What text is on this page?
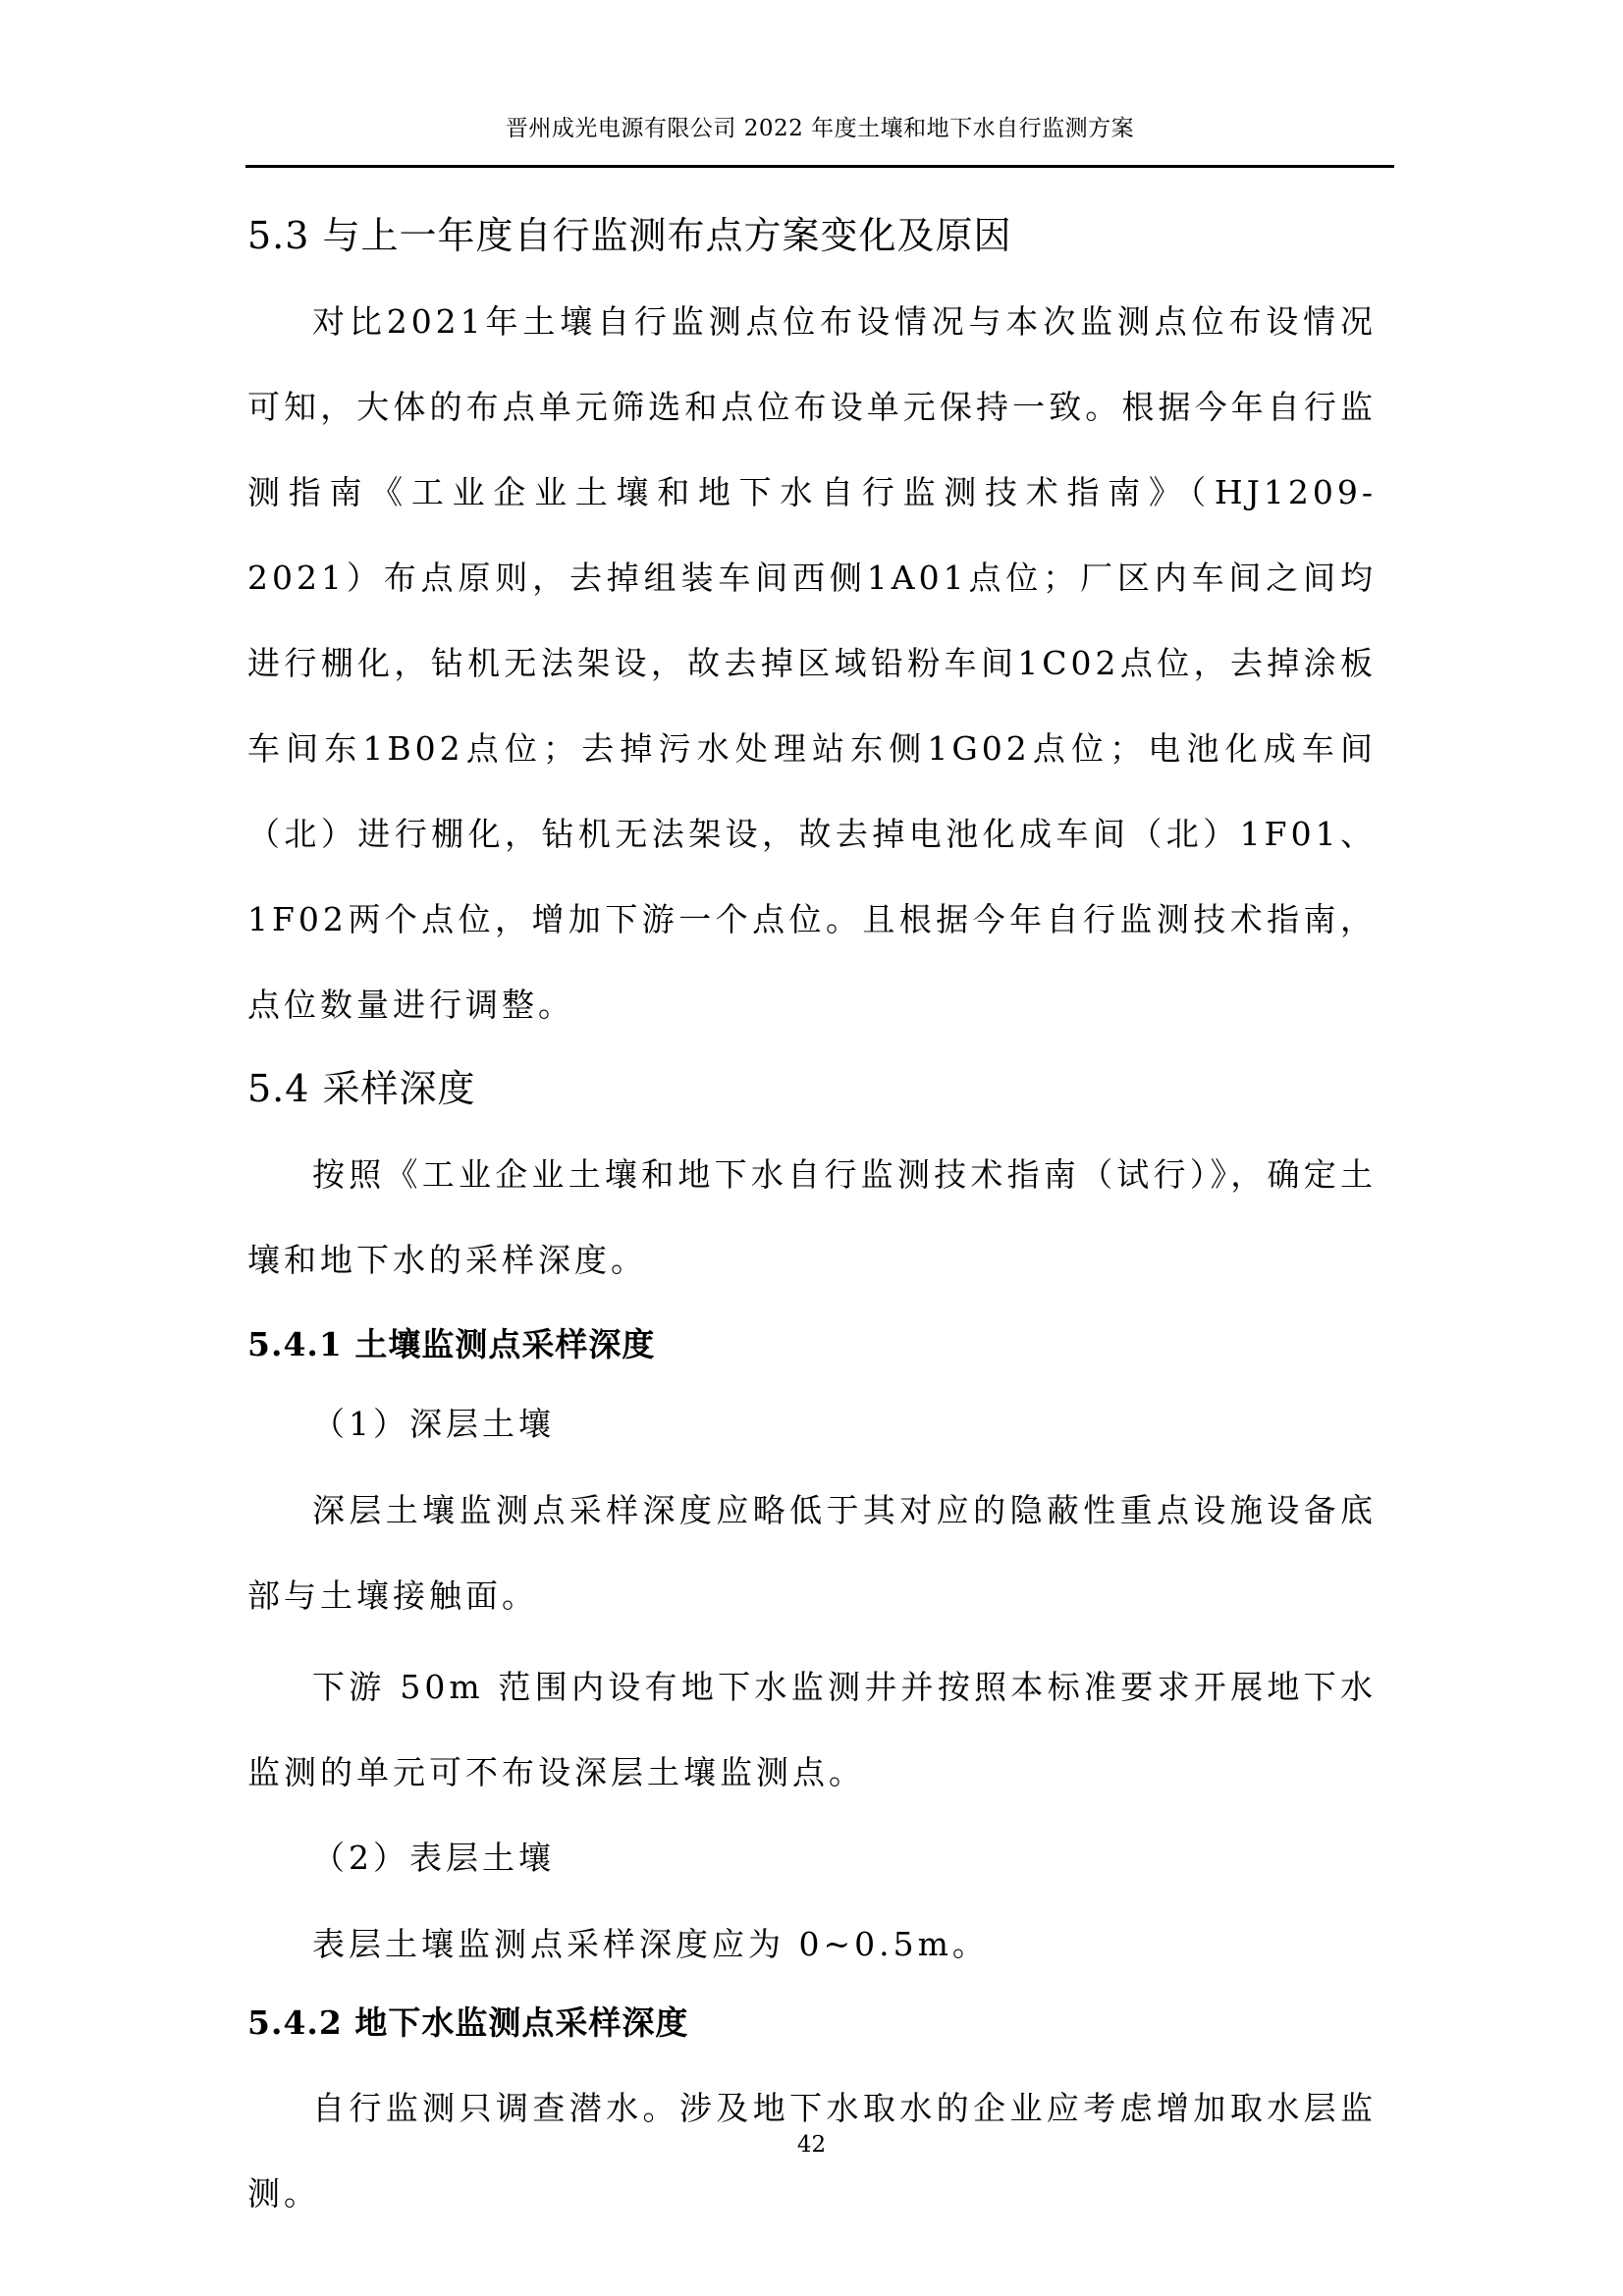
晋州成光电源有限公司 2022 年度土壤和地下水自行监测方案
5.3 与上一年度自行监测布点方案变化及原因

对比2021年土壤自行监测点位布设情况与本次监测点位布设情况可知，大体的布点单元筛选和点位布设单元保持一致。根据今年自行监测指南《工业企业土壤和地下水自行监测技术指南》（HJ1209-2021）布点原则，去掉组装车间西侧1A01点位；厂区内车间之间均进行棚化，钻机无法架设，故去掉区域铅粉车间1C02点位，去掉涂板车间东1B02点位；去掉污水处理站东侧1G02点位；电池化成车间（北）进行棚化，钻机无法架设，故去掉电池化成车间（北）1F01、1F02两个点位，增加下游一个点位。且根据今年自行监测技术指南，点位数量进行调整。

5.4 采样深度

按照《工业企业土壤和地下水自行监测技术指南（试行）》，确定土壤和地下水的采样深度。

5.4.1 土壤监测点采样深度
（1）深层土壤

深层土壤监测点采样深度应略低于其对应的隐蔽性重点设施设备底部与土壤接触面。

下游 50m 范围内设有地下水监测井并按照本标准要求开展地下水监测的单元可不布设深层土壤监测点。

（2）表层土壤

表层土壤监测点采样深度应为 0~0.5m。

5.4.2 地下水监测点采样深度

自行监测只调查潜水。涉及地下水取水的企业应考虑增加取水层监测。

42
